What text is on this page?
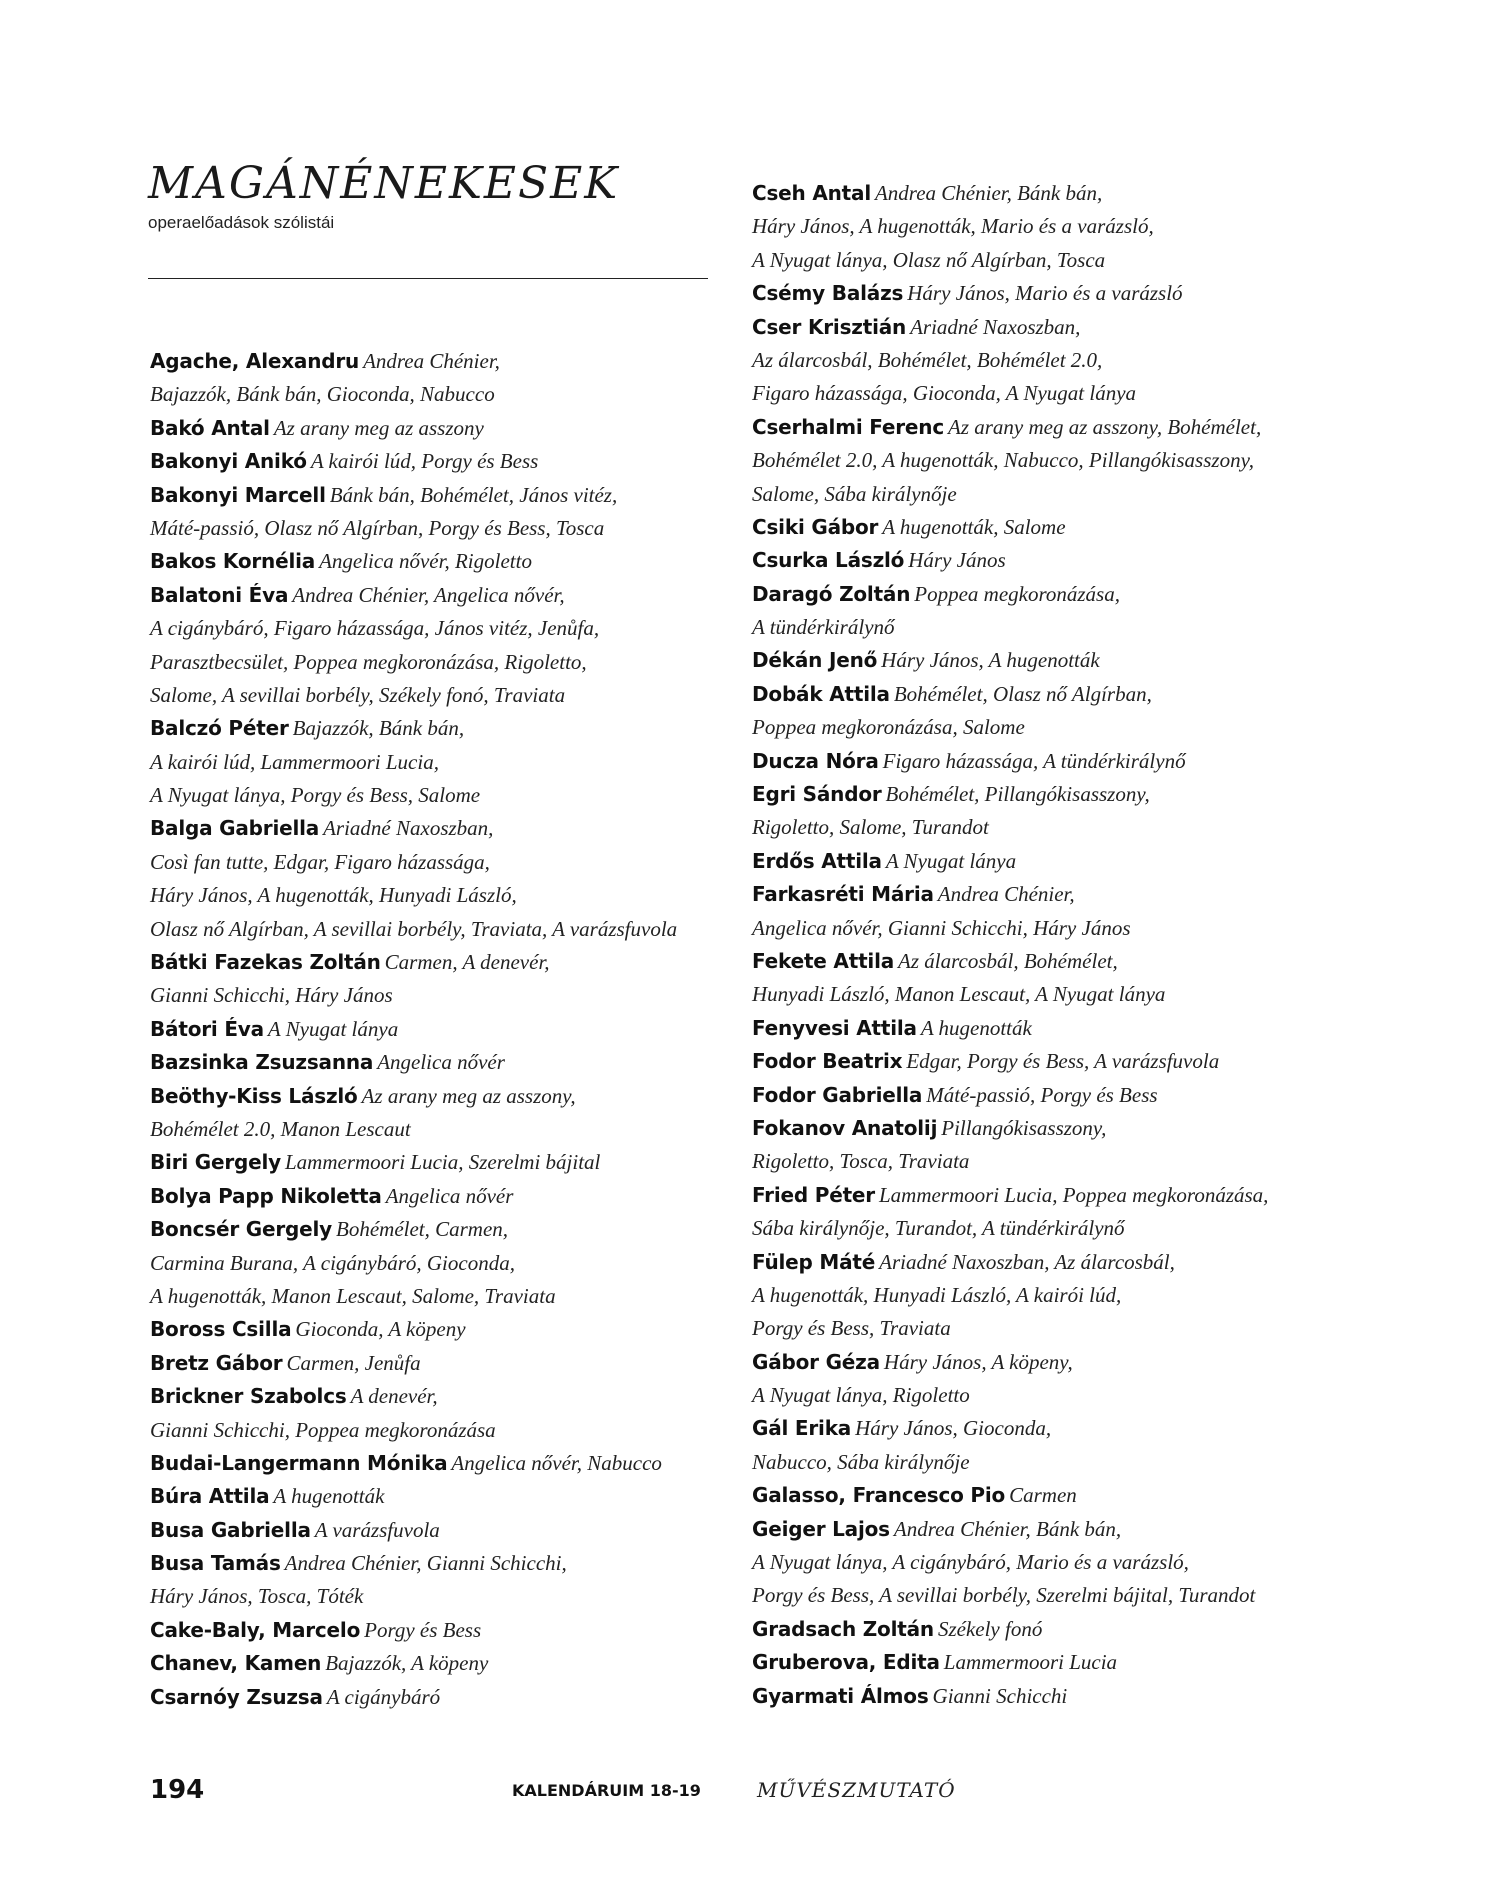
MAGÁNÉNEKESEK
operaelőadások szólistái
Agache, Alexandru Andrea Chénier,
Bajazzók, Bánk bán, Gioconda, Nabucco
Bakó Antal Az arany meg az asszony
Bakonyi Anikó A kairói lúd, Porgy és Bess
Bakonyi Marcell Bánk bán, Bohémélet, János vitéz,
Máté-passió, Olasz nő Algírban, Porgy és Bess, Tosca
Bakos Kornélia Angelica nővér, Rigoletto
Balatoni Éva Andrea Chénier, Angelica nővér,
A cigánybáró, Figaro házassága, János vitéz, Jenůfa,
Parasztbecsület, Poppea megkoronázása, Rigoletto,
Salome, A sevillai borbély, Székely fonó, Traviata
Balczó Péter Bajazzók, Bánk bán,
A kairói lúd, Lammermoori Lucia,
A Nyugat lánya, Porgy és Bess, Salome
Balga Gabriella Ariadné Naxoszban,
Così fan tutte, Edgar, Figaro házassága,
Háry János, A hugenották, Hunyadi László,
Olasz nő Algírban, A sevillai borbély, Traviata, A varázsfuvola
Bátki Fazekas Zoltán Carmen, A denevér,
Gianni Schicchi, Háry János
Bátori Éva A Nyugat lánya
Bazsinka Zsuzsanna Angelica nővér
Beöthy-Kiss László Az arany meg az asszony,
Bohémélet 2.0, Manon Lescaut
Biri Gergely Lammermoori Lucia, Szerelmi bájital
Bolya Papp Nikoletta Angelica nővér
Boncsér Gergely Bohémélet, Carmen,
Carmina Burana, A cigánybáró, Gioconda,
A hugenották, Manon Lescaut, Salome, Traviata
Boross Csilla Gioconda, A köpeny
Bretz Gábor Carmen, Jenůfa
Brickner Szabolcs A denevér,
Gianni Schicchi, Poppea megkoronázása
Budai-Langermann Mónika Angelica nővér, Nabucco
Búra Attila A hugenották
Busa Gabriella A varázsfuvola
Busa Tamás Andrea Chénier, Gianni Schicchi,
Háry János, Tosca, Tóték
Cake-Baly, Marcelo Porgy és Bess
Chanev, Kamen Bajazzók, A köpeny
Csarnóy Zsuzsa A cigánybáró
Cseh Antal Andrea Chénier, Bánk bán,
Háry János, A hugenották, Mario és a varázsló,
A Nyugat lánya, Olasz nő Algírban, Tosca
Csémy Balázs Háry János, Mario és a varázsló
Cser Krisztián Ariadné Naxoszban,
Az álarcosbál, Bohémélet, Bohémélet 2.0,
Figaro házassága, Gioconda, A Nyugat lánya
Cserhalmi Ferenc Az arany meg az asszony, Bohémélet,
Bohémélet 2.0, A hugenották, Nabucco, Pillangókisasszony,
Salome, Sába királynője
Csiki Gábor A hugenották, Salome
Csurka László Háry János
Daragó Zoltán Poppea megkoronázása,
A tündérkirálynő
Dékán Jenő Háry János, A hugenották
Dobák Attila Bohémélet, Olasz nő Algírban,
Poppea megkoronázása, Salome
Ducza Nóra Figaro házassága, A tündérkirálynő
Egri Sándor Bohémélet, Pillangókisasszony,
Rigoletto, Salome, Turandot
Erdős Attila A Nyugat lánya
Farkasréti Mária Andrea Chénier,
Angelica nővér, Gianni Schicchi, Háry János
Fekete Attila Az álarcosbál, Bohémélet,
Hunyadi László, Manon Lescaut, A Nyugat lánya
Fenyvesi Attila A hugenották
Fodor Beatrix Edgar, Porgy és Bess, A varázsfuvola
Fodor Gabriella Máté-passió, Porgy és Bess
Fokanov Anatolij Pillangókisasszony,
Rigoletto, Tosca, Traviata
Fried Péter Lammermoori Lucia, Poppea megkoronázása,
Sába királynője, Turandot, A tündérkirálynő
Fülep Máté Ariadné Naxoszban, Az álarcosbál,
A hugenották, Hunyadi László, A kairói lúd,
Porgy és Bess, Traviata
Gábor Géza Háry János, A köpeny,
A Nyugat lánya, Rigoletto
Gál Erika Háry János, Gioconda,
Nabucco, Sába királynője
Galasso, Francesco Pio Carmen
Geiger Lajos Andrea Chénier, Bánk bán,
A Nyugat lánya, A cigánybáró, Mario és a varázsló,
Porgy és Bess, A sevillai borbély, Szerelmi bájital, Turandot
Gradsach Zoltán Székely fonó
Gruberova, Edita Lammermoori Lucia
Gyarmati Álmos Gianni Schicchi
194	KALENDÁRUIM 18-19	MŰVÉSZMUTATÓ
